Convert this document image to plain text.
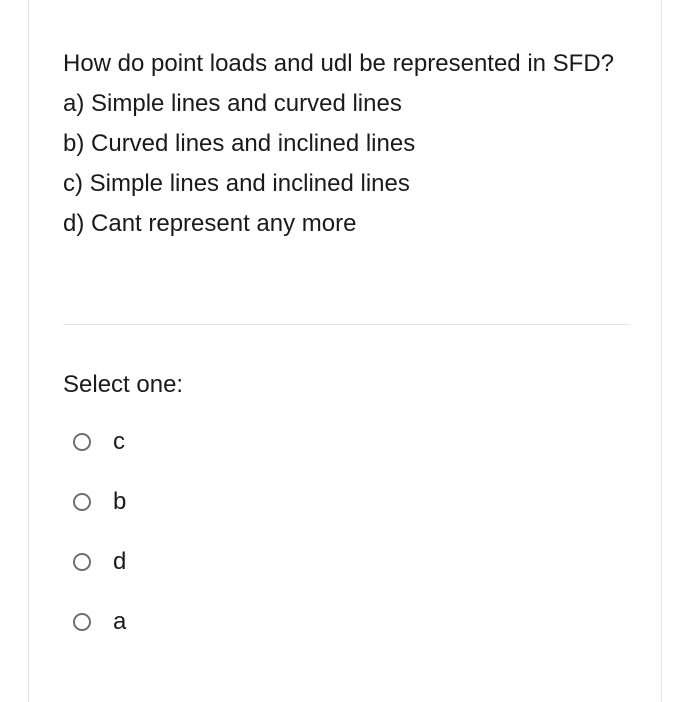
How do point loads and udl be represented in SFD?

a) Simple lines and curved lines

b) Curved lines and inclined lines

c) Simple lines and inclined lines

d) Cant represent any more

Select one:

c
b
d
a
